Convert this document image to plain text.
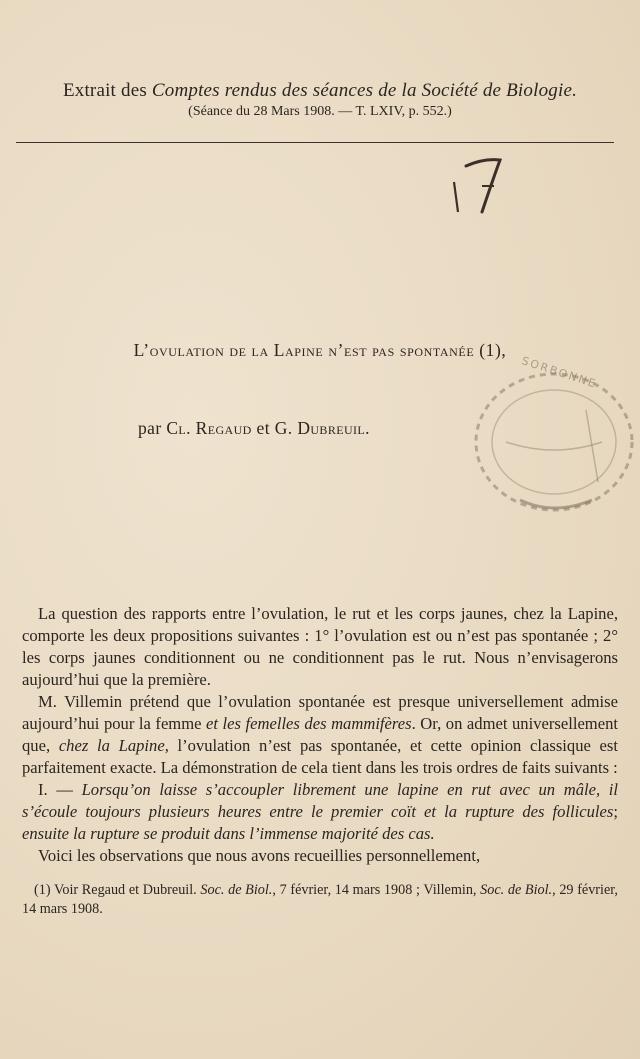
Extrait des Comptes rendus des séances de la Société de Biologie.
(Séance du 28 Mars 1908. — T. LXIV, p. 552.)
L’ovulation de la Lapine n’est pas spontanée (1),
SORBONNE
par Cl. Regaud et G. Dubreuil.

La question des rapports entre l’ovulation, le rut et les corps jaunes, chez la Lapine, comporte les deux propositions suivantes : 1° l’ovulation est ou n’est pas spontanée ; 2° les corps jaunes conditionnent ou ne conditionnent pas le rut. Nous n’envisagerons aujourd’hui que la première.

M. Villemin prétend que l’ovulation spontanée est presque universellement admise aujourd’hui pour la femme et les femelles des mammifères. Or, on admet universellement que, chez la Lapine, l’ovulation n’est pas spontanée, et cette opinion classique est parfaitement exacte. La démonstration de cela tient dans les trois ordres de faits suivants :

I. — Lorsqu’on laisse s’accoupler librement une lapine en rut avec un mâle, il s’écoule toujours plusieurs heures entre le premier coït et la rupture des follicules; ensuite la rupture se produit dans l’immense majorité des cas.

Voici les observations que nous avons recueillies personnellement,

(1) Voir Regaud et Dubreuil. Soc. de Biol., 7 février, 14 mars 1908 ; Villemin, Soc. de Biol., 29 février, 14 mars 1908.
